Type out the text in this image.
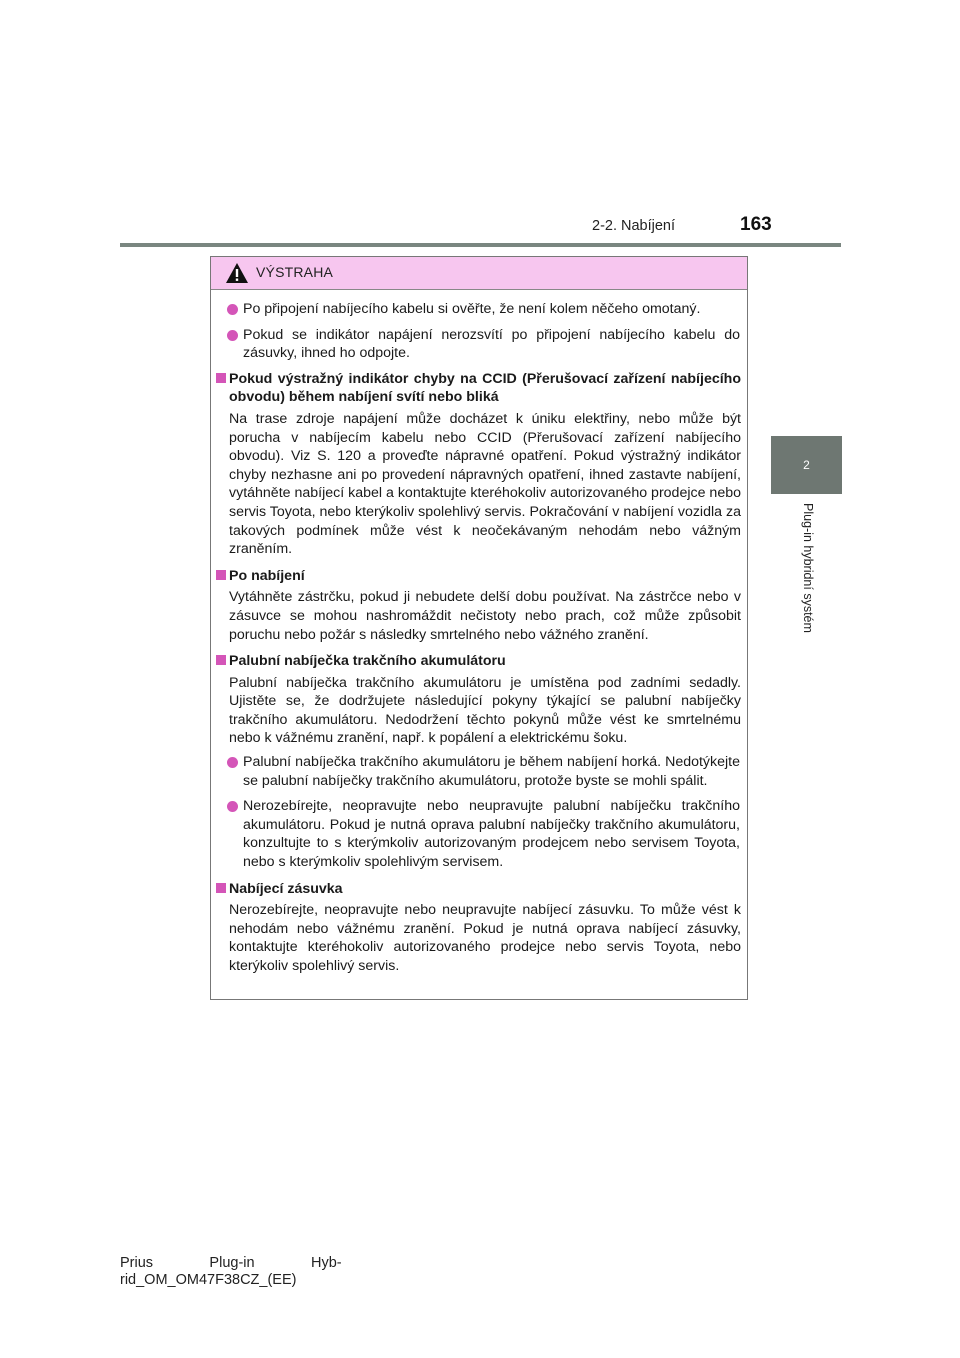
2-2. Nabíjení	163
2
Plug-in hybridní systém
VÝSTRAHA
Po připojení nabíjecího kabelu si ověřte, že není kolem něčeho omotaný.
Pokud se indikátor napájení nerozsvítí po připojení nabíjecího kabelu do zásuvky, ihned ho odpojte.
Pokud výstražný indikátor chyby na CCID (Přerušovací zařízení nabíjecího obvodu) během nabíjení svítí nebo bliká
Na trase zdroje napájení může docházet k úniku elektřiny, nebo může být porucha v nabíjecím kabelu nebo CCID (Přerušovací zařízení nabíjecího obvodu). Viz S. 120 a proveďte nápravné opatření. Pokud výstražný indikátor chyby nezhasne ani po provedení nápravných opatření, ihned zastavte nabíjení, vytáhněte nabíjecí kabel a kontaktujte kteréhokoliv autorizovaného prodejce nebo servis Toyota, nebo kterýkoliv spolehlivý servis. Pokračování v nabíjení vozidla za takových podmínek může vést k neočekávaným nehodám nebo vážným zraněním.
Po nabíjení
Vytáhněte zástrčku, pokud ji nebudete delší dobu používat. Na zástrčce nebo v zásuvce se mohou nashromáždit nečistoty nebo prach, což může způsobit poruchu nebo požár s následky smrtelného nebo vážného zranění.
Palubní nabíječka trakčního akumulátoru
Palubní nabíječka trakčního akumulátoru je umístěna pod zadními sedadly. Ujistěte se, že dodržujete následující pokyny týkající se palubní nabíječky trakčního akumulátoru. Nedodržení těchto pokynů může vést ke smrtelnému nebo k vážnému zranění, např. k popálení a elektrickému šoku.
Palubní nabíječka trakčního akumulátoru je během nabíjení horká. Nedotýkejte se palubní nabíječky trakčního akumulátoru, protože byste se mohli spálit.
Nerozebírejte, neopravujte nebo neupravujte palubní nabíječku trakčního akumulátoru. Pokud je nutná oprava palubní nabíječky trakčního akumulátoru, konzultujte to s kterýmkoliv autorizovaným prodejcem nebo servisem Toyota, nebo s kterýmkoliv spolehlivým servisem.
Nabíjecí zásuvka
Nerozebírejte, neopravujte nebo neupravujte nabíjecí zásuvku. To může vést k nehodám nebo vážnému zranění. Pokud je nutná oprava nabíjecí zásuvky, kontaktujte kteréhokoliv autorizovaného prodejce nebo servis Toyota, nebo kterýkoliv spolehlivý servis.
Prius              Plug-in              Hyb-
rid_OM_OM47F38CZ_(EE)
